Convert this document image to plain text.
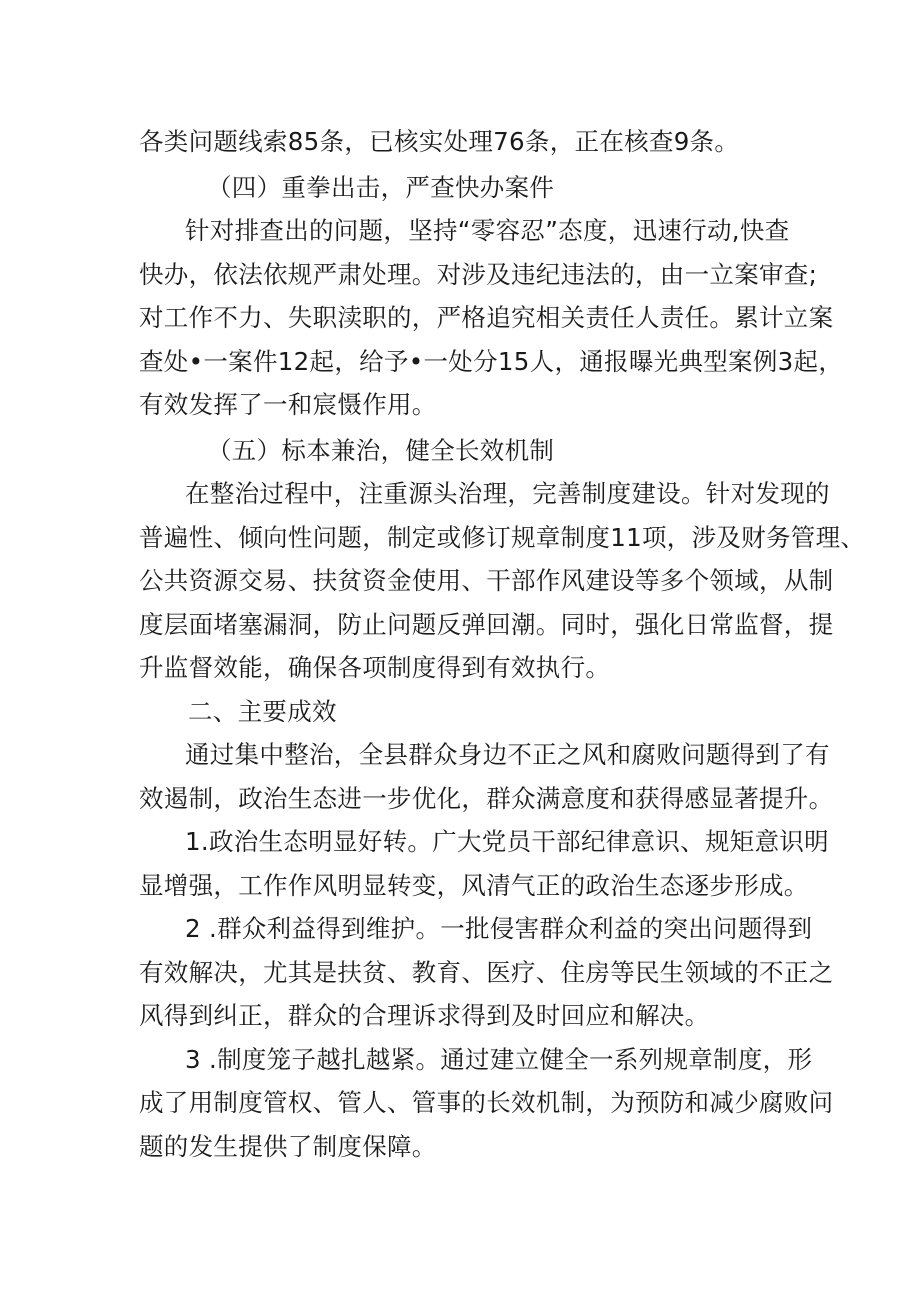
各类问题线索85条，已核实处理76条，正在核查9条。
（四）重拳出击，严查快办案件
针对排查出的问题，坚持“零容忍”态度，迅速行动,快查
快办，依法依规严肃处理。对涉及违纪违法的，由一立案审查;
对工作不力、失职渎职的，严格追究相关责任人责任。累计立案
查处•一案件12起，给予•一处分15人，通报曝光典型案例3起，
有效发挥了一和宸慑作用。
（五）标本兼治，健全长效机制
在整治过程中，注重源头治理，完善制度建设。针对发现的
普遍性、倾向性问题，制定或修订规章制度11项，涉及财务管理、
公共资源交易、扶贫资金使用、干部作风建设等多个领域，从制
度层面堵塞漏洞，防止问题反弹回潮。同时，强化日常监督，提
升监督效能，确保各项制度得到有效执行。
二、主要成效
通过集中整治，全县群众身边不正之风和腐败问题得到了有
效遏制，政治生态进一步优化，群众满意度和获得感显著提升。
1.政治生态明显好转。广大党员干部纪律意识、规矩意识明
显增强，工作作风明显转变，风清气正的政治生态逐步形成。
2 .群众利益得到维护。一批侵害群众利益的突出问题得到
有效解决，尤其是扶贫、教育、医疗、住房等民生领域的不正之
风得到纠正，群众的合理诉求得到及时回应和解决。
3 .制度笼子越扎越紧。通过建立健全一系列规章制度，形
成了用制度管权、管人、管事的长效机制，为预防和减少腐败问
题的发生提供了制度保障。
